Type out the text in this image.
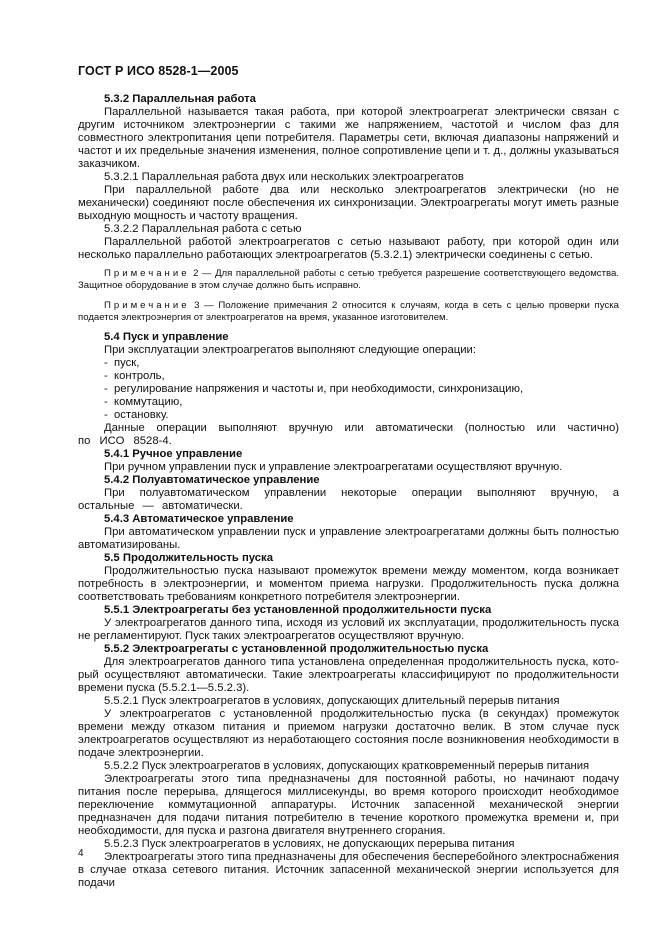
ГОСТ Р ИСО 8528-1—2005

5.3.2 Параллельная работа

Параллельной называется такая работа, при которой электроагрегат электрически связан с другим источником электроэнергии с такими же напряжением, частотой и числом фаз для совместного электропитания цепи потребителя. Параметры сети, включая диапазоны напряжений и частот и их предельные значения изменения, полное сопротивление цепи и т. д., должны указываться заказчиком.

5.3.2.1 Параллельная работа двух или нескольких электроагрегатов

При параллельной работе два или несколько электроагрегатов электрически (но не механически) соединяют после обеспечения их синхронизации. Электроагрегаты могут иметь разные выходную мощность и частоту вращения.

5.3.2.2 Параллельная работа с сетью

Параллельной работой электроагрегатов с сетью называют работу, при которой один или несколько параллельно работающих электроагрегатов (5.3.2.1) электрически соединены с сетью.

Примечание 2 — Для параллельной работы с сетью требуется разрешение соответствующего ведомства. Защитное оборудование в этом случае должно быть исправно.

Примечание 3 — Положение примечания 2 относится к случаям, когда в сеть с целью проверки пуска подается электроэнергия от электроагрегатов на время, указанное изготовителем.

5.4 Пуск и управление

При эксплуатации электроагрегатов выполняют следующие операции:

- пуск,

- контроль,

- регулирование напряжения и частоты и, при необходимости, синхронизацию,

- коммутацию,

- остановку.

Данные операции выполняют вручную или автоматически (полностью или частично) по ИСО 8528-4.

5.4.1 Ручное управление

При ручном управлении пуск и управление электроагрегатами осуществляют вручную.

5.4.2 Полуавтоматическое управление

При полуавтоматическом управлении некоторые операции выполняют вручную, а остальные — автоматически.

5.4.3 Автоматическое управление

При автоматическом управлении пуск и управление электроагрегатами должны быть полностью автоматизированы.

5.5 Продолжительность пуска

Продолжительностью пуска называют промежуток времени между моментом, когда возникает потребность в электроэнергии, и моментом приема нагрузки. Продолжительность пуска должна соответствовать требованиям конкретного потребителя электроэнергии.

5.5.1 Электроагрегаты без установленной продолжительности пуска

У электроагрегатов данного типа, исходя из условий их эксплуатации, продолжительность пуска не регламентируют. Пуск таких электроагрегатов осуществляют вручную.

5.5.2 Электроагрегаты с установленной продолжительностью пуска

Для электроагрегатов данного типа установлена определенная продолжительность пуска, который осуществляют автоматически. Такие электроагрегаты классифицируют по продолжительности времени пуска (5.5.2.1—5.5.2.3).

5.5.2.1 Пуск электроагрегатов в условиях, допускающих длительный перерыв питания

У электроагрегатов с установленной продолжительностью пуска (в секундах) промежуток времени между отказом питания и приемом нагрузки достаточно велик. В этом случае пуск электроагрегатов осуществляют из неработающего состояния после возникновения необходимости в подаче электроэнергии.

5.5.2.2 Пуск электроагрегатов в условиях, допускающих кратковременный перерыв питания

Электроагрегаты этого типа предназначены для постоянной работы, но начинают подачу питания после перерыва, длящегося миллисекунды, во время которого происходит необходимое переключение коммутационной аппаратуры. Источник запасенной механической энергии предназначен для подачи питания потребителю в течение короткого промежутка времени и, при необходимости, для пуска и разгона двигателя внутреннего сгорания.

5.5.2.3 Пуск электроагрегатов в условиях, не допускающих перерыва питания

Электроагрегаты этого типа предназначены для обеспечения бесперебойного электроснабжения в случае отказа сетевого питания. Источник запасенной механической энергии используется для подачи

4
